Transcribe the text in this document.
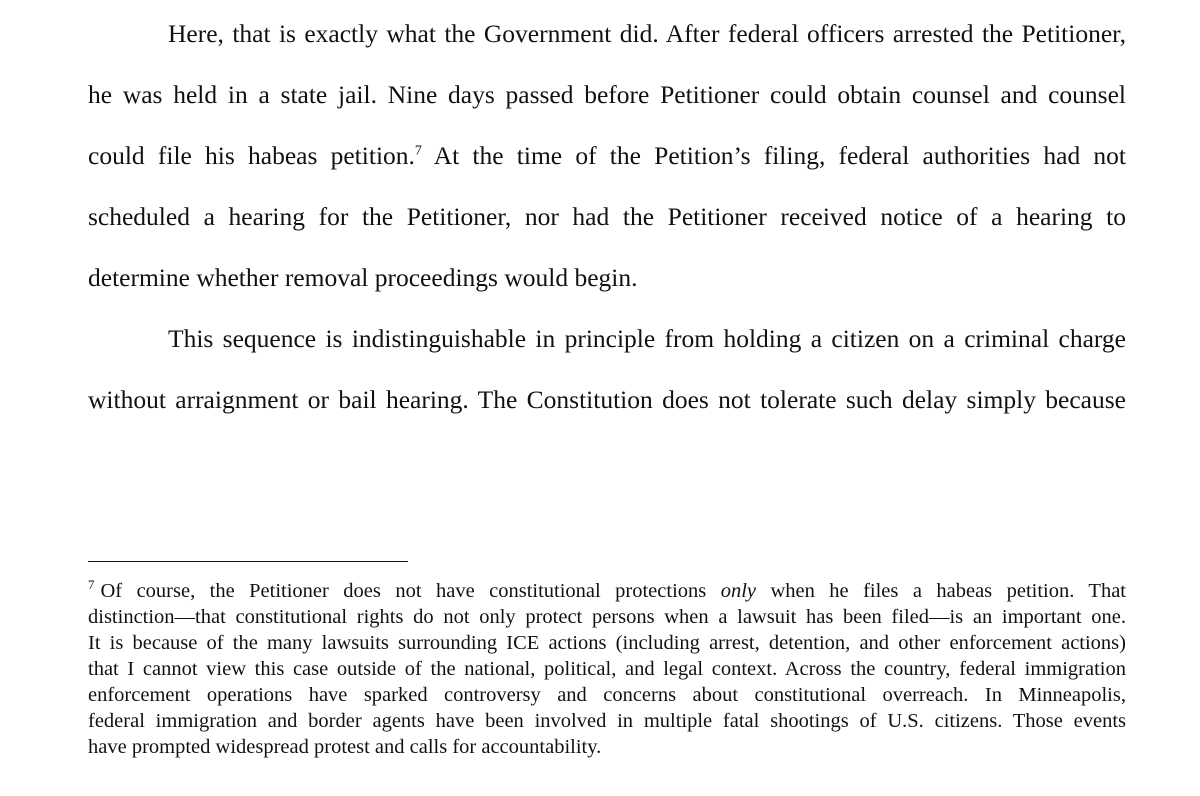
Here, that is exactly what the Government did. After federal officers arrested the Petitioner,
he was held in a state jail. Nine days passed before Petitioner could obtain counsel and counsel
could file his habeas petition.$^7$ At the time of the Petition’s filing, federal authorities had not
scheduled a hearing for the Petitioner, nor had the Petitioner received notice of a hearing to
determine whether removal proceedings would begin.
This sequence is indistinguishable in principle from holding a citizen on a criminal charge
without arraignment or bail hearing. The Constitution does not tolerate such delay simply because
$^7$ Of course, the Petitioner does not have constitutional protections only when he files a habeas petition. That
distinction—that constitutional rights do not only protect persons when a lawsuit has been filed—is an important one.
It is because of the many lawsuits surrounding ICE actions (including arrest, detention, and other enforcement actions)
that I cannot view this case outside of the national, political, and legal context. Across the country, federal immigration
enforcement operations have sparked controversy and concerns about constitutional overreach. In Minneapolis,
federal immigration and border agents have been involved in multiple fatal shootings of U.S. citizens. Those events
have prompted widespread protest and calls for accountability.
